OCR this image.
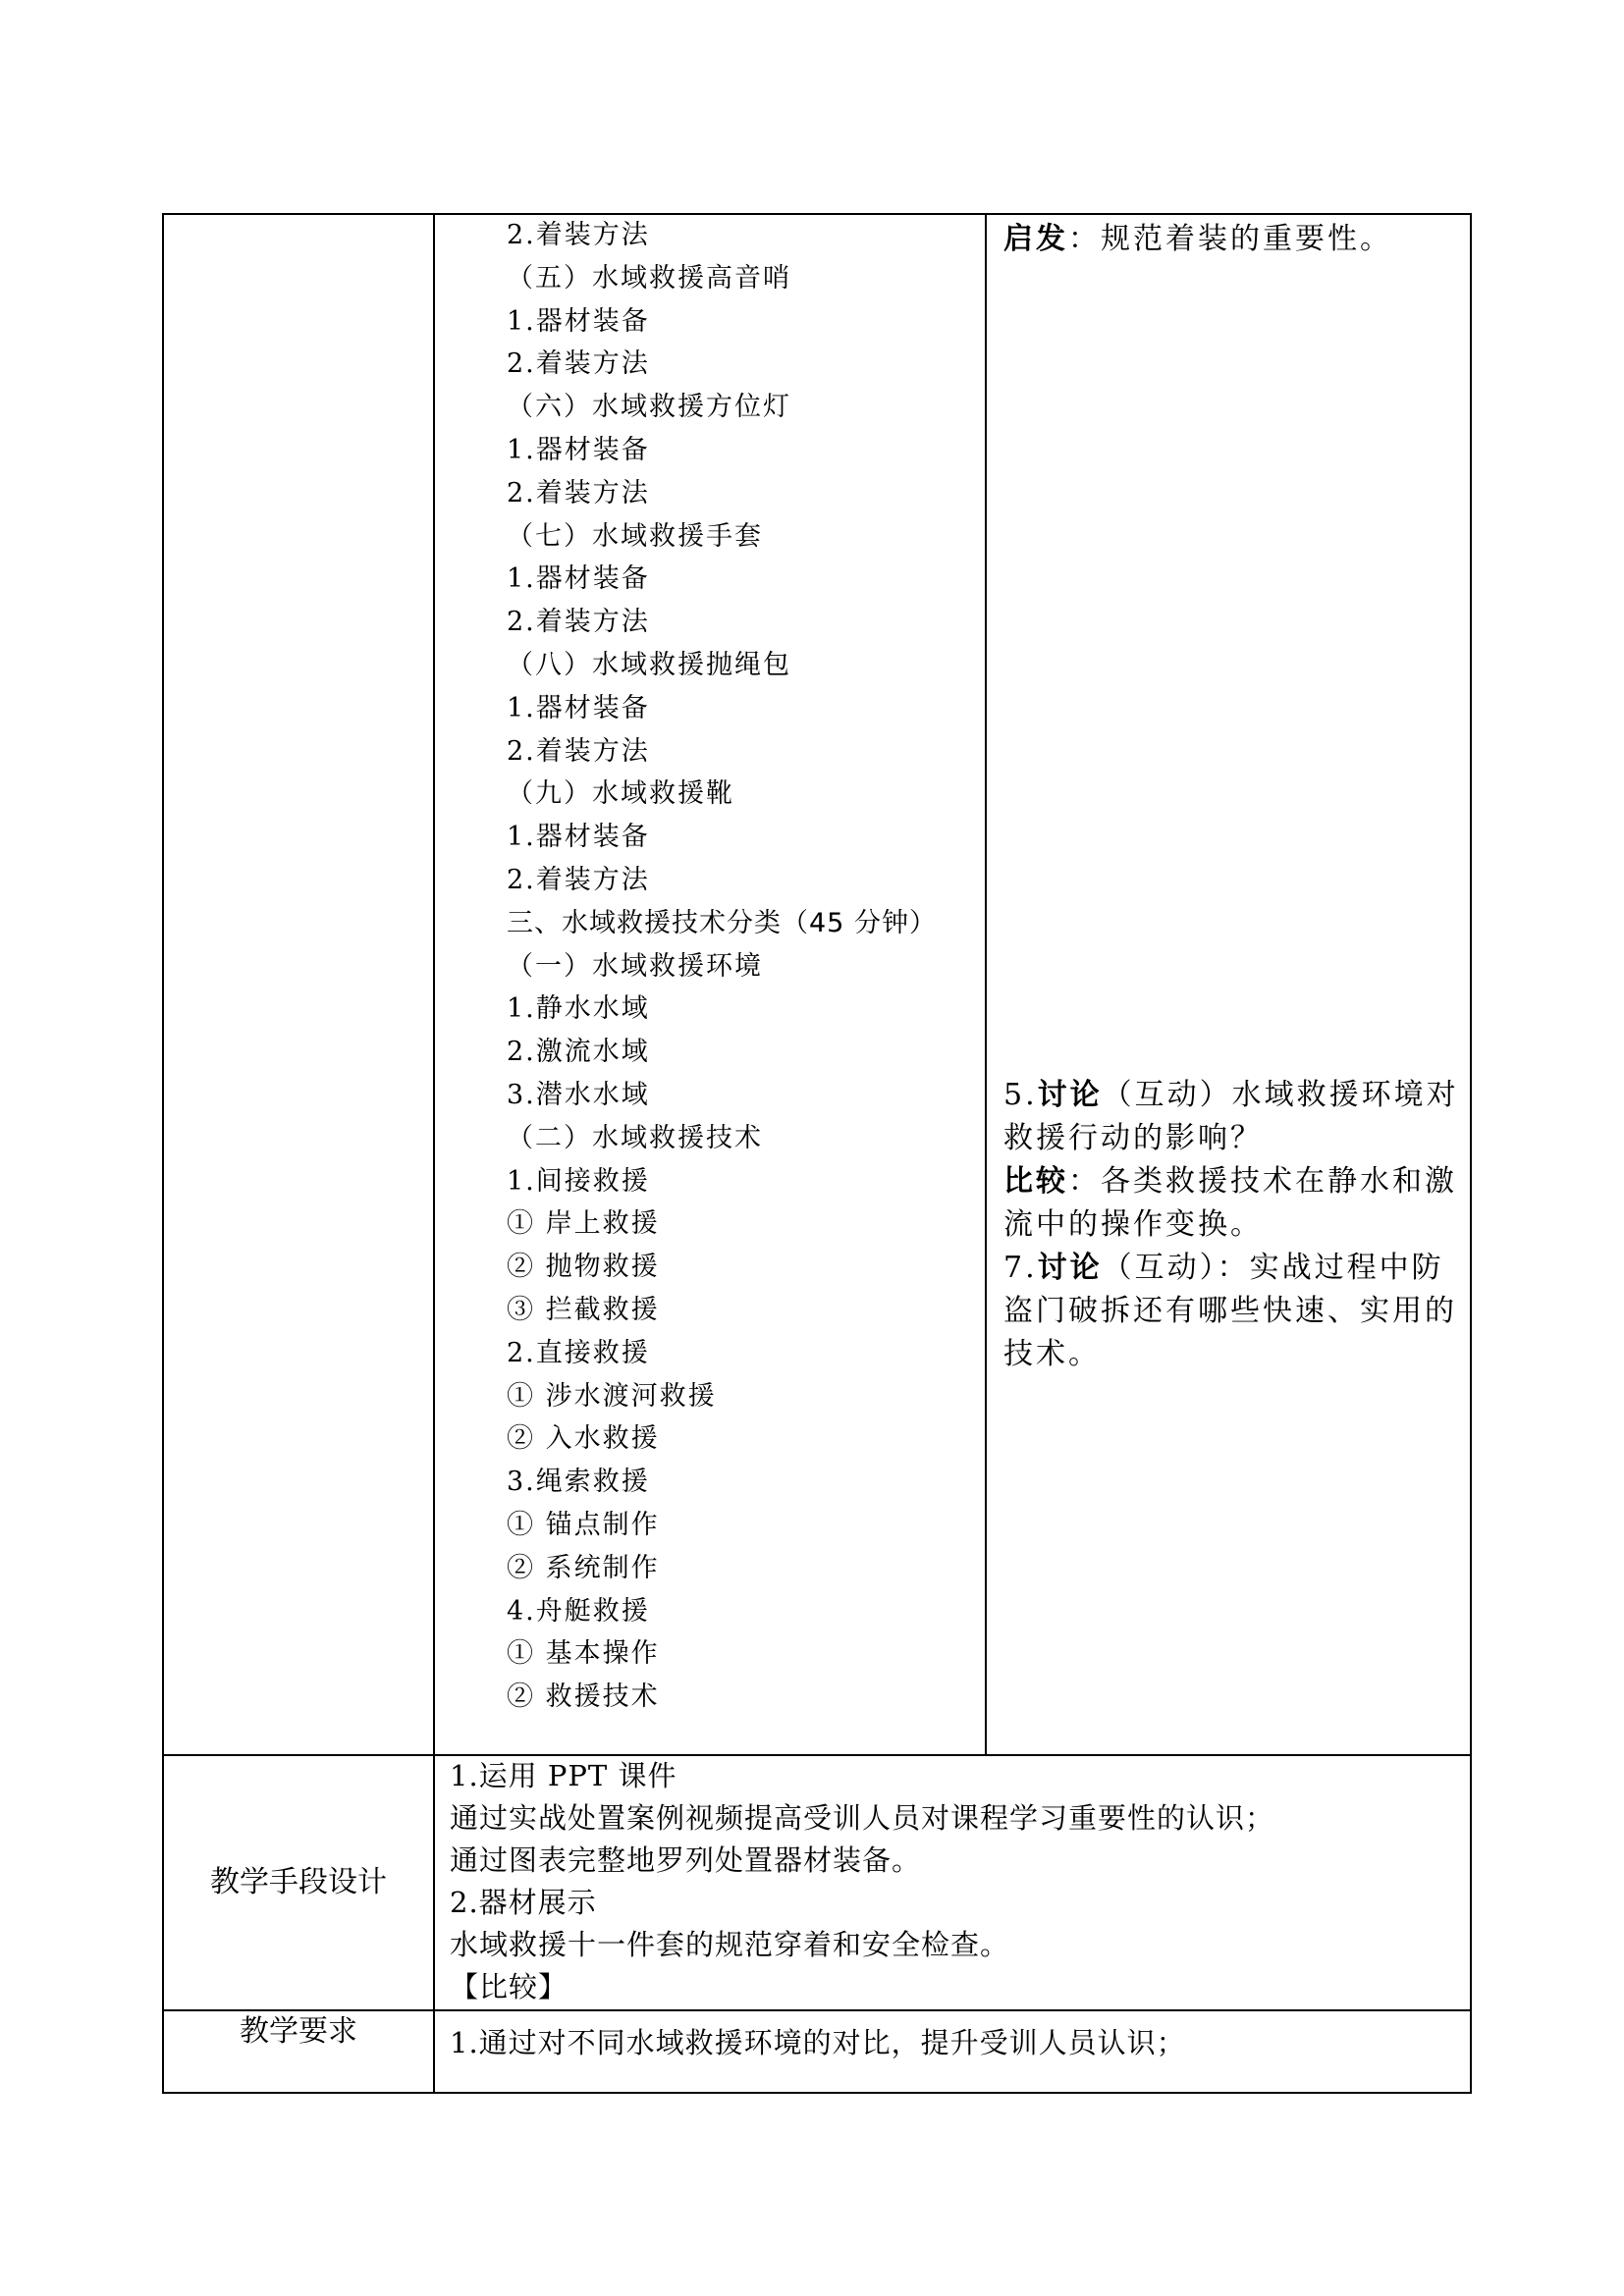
2.着装方法
（五）水域救援高音哨
1.器材装备
2.着装方法
（六）水域救援方位灯
1.器材装备
2.着装方法
（七）水域救援手套
1.器材装备
2.着装方法
（八）水域救援抛绳包
1.器材装备
2.着装方法
（九）水域救援靴
1.器材装备
2.着装方法
三、水域救援技术分类（45 分钟）
（一）水域救援环境
1.静水水域
2.激流水域
3.潜水水域
（二）水域救援技术
1.间接救援
① 岸上救援
② 抛物救援
③ 拦截救援
2.直接救援
① 涉水渡河救援
② 入水救援
3.绳索救援
① 锚点制作
② 系统制作
4.舟艇救援
① 基本操作
② 救援技术

启发：规范着装的重要性。

5.讨论（互动）水域救援环境对救援行动的影响？

比较：各类救援技术在静水和激流中的操作变换。

7.讨论（互动）：实战过程中防盗门破拆还有哪些快速、实用的技术。

教学手段设计
1.运用 PPT 课件
通过实战处置案例视频提高受训人员对课程学习重要性的认识；
通过图表完整地罗列处置器材装备。
2.器材展示
水域救援十一件套的规范穿着和安全检查。
【比较】
教学要求	1.通过对不同水域救援环境的对比，提升受训人员认识；
